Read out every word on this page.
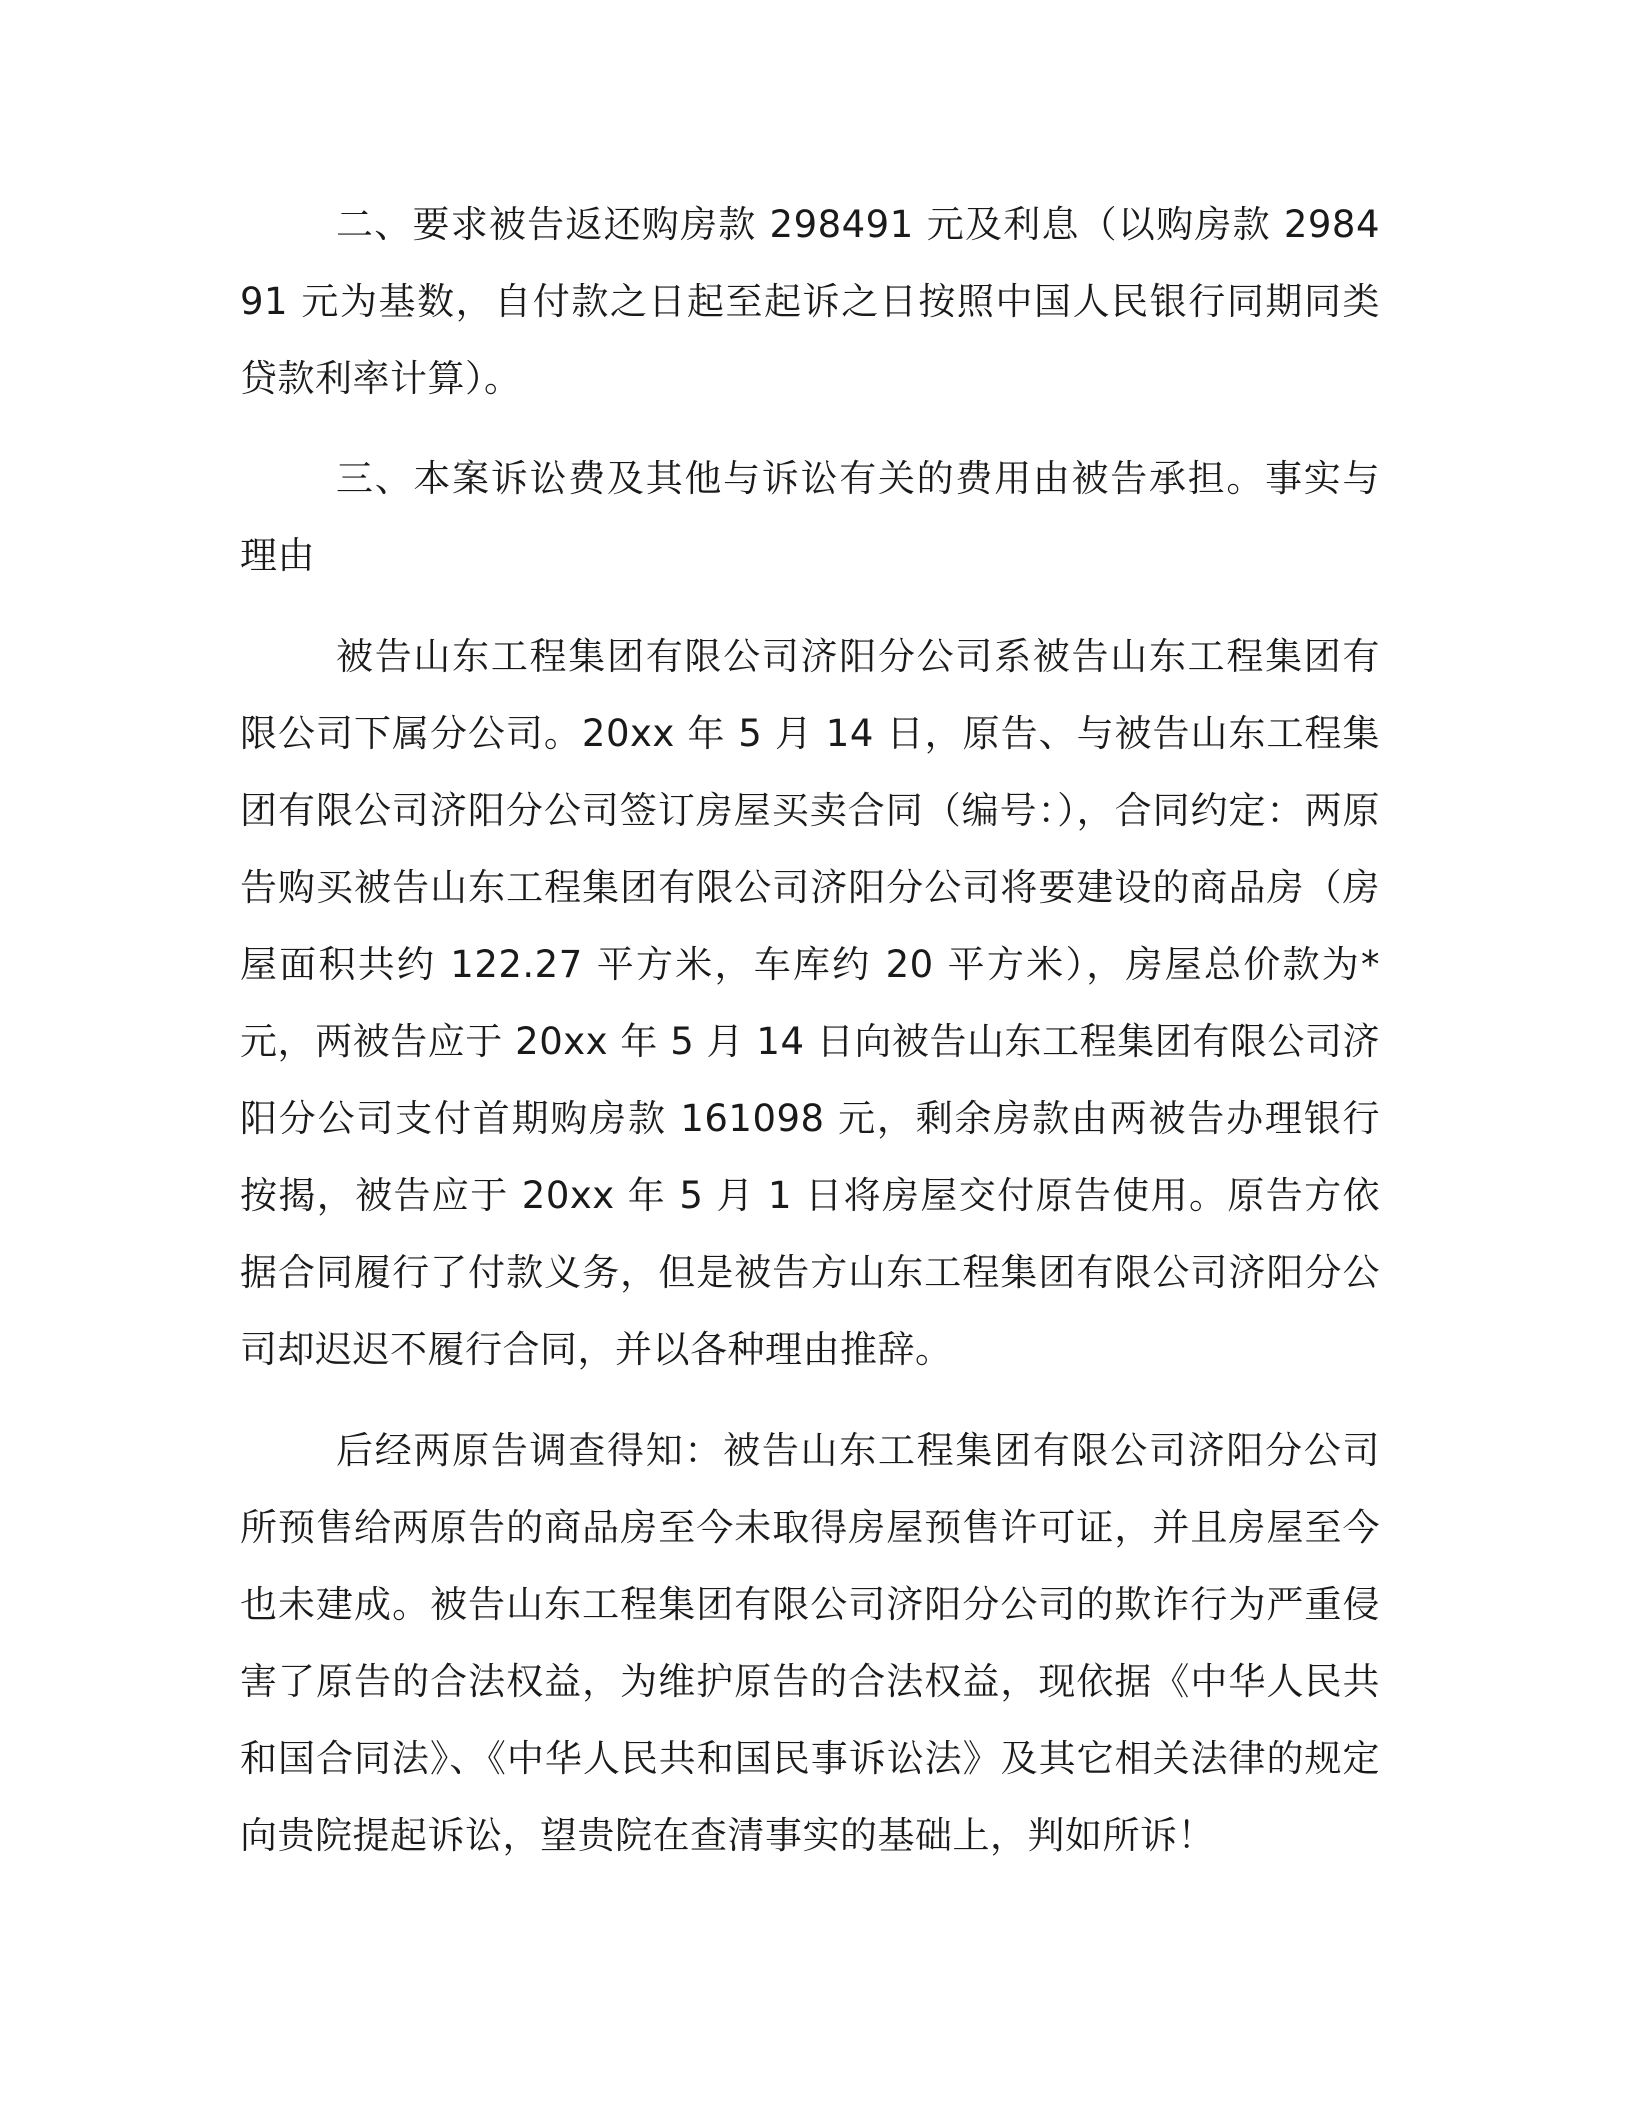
二、要求被告返还购房款 298491 元及利息（以购房款 298491 元为基数，自付款之日起至起诉之日按照中国人民银行同期同类贷款利率计算）。

三、本案诉讼费及其他与诉讼有关的费用由被告承担。事实与理由

被告山东工程集团有限公司济阳分公司系被告山东工程集团有限公司下属分公司。20xx 年 5 月 14 日，原告、与被告山东工程集团有限公司济阳分公司签订房屋买卖合同（编号：），合同约定：两原告购买被告山东工程集团有限公司济阳分公司将要建设的商品房（房屋面积共约 122.27 平方米，车库约 20 平方米），房屋总价款为*元，两被告应于 20xx 年 5 月 14 日向被告山东工程集团有限公司济阳分公司支付首期购房款 161098 元，剩余房款由两被告办理银行按揭，被告应于 20xx 年 5 月 1 日将房屋交付原告使用。原告方依据合同履行了付款义务，但是被告方山东工程集团有限公司济阳分公司却迟迟不履行合同，并以各种理由推辞。

后经两原告调查得知：被告山东工程集团有限公司济阳分公司所预售给两原告的商品房至今未取得房屋预售许可证，并且房屋至今也未建成。被告山东工程集团有限公司济阳分公司的欺诈行为严重侵害了原告的合法权益，为维护原告的合法权益，现依据《中华人民共和国合同法》、《中华人民共和国民事诉讼法》及其它相关法律的规定向贵院提起诉讼，望贵院在查清事实的基础上，判如所诉！
